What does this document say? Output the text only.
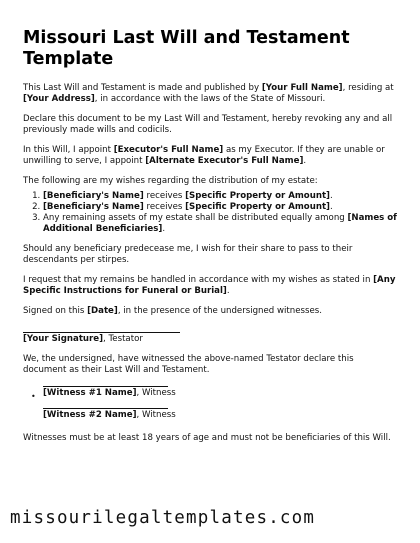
Missouri Last Will and Testament Template

This Last Will and Testament is made and published by [Your Full Name], residing at [Your Address], in accordance with the laws of the State of Missouri.

Declare this document to be my Last Will and Testament, hereby revoking any and all previously made wills and codicils.

In this Will, I appoint [Executor's Full Name] as my Executor. If they are unable or unwilling to serve, I appoint [Alternate Executor's Full Name].

The following are my wishes regarding the distribution of my estate:

1. [Beneficiary's Name] receives [Specific Property or Amount].
2. [Beneficiary's Name] receives [Specific Property or Amount].
3. Any remaining assets of my estate shall be distributed equally among [Names of Additional Beneficiaries].

Should any beneficiary predecease me, I wish for their share to pass to their descendants per stirpes.

I request that my remains be handled in accordance with my wishes as stated in [Any Specific Instructions for Funeral or Burial].

Signed on this [Date], in the presence of the undersigned witnesses.

[Your Signature], Testator

We, the undersigned, have witnessed the above-named Testator declare this document as their Last Will and Testament.

• [Witness #1 Name], Witness
[Witness #2 Name], Witness

Witnesses must be at least 18 years of age and must not be beneficiaries of this Will.

missourilegaltemplates.com
